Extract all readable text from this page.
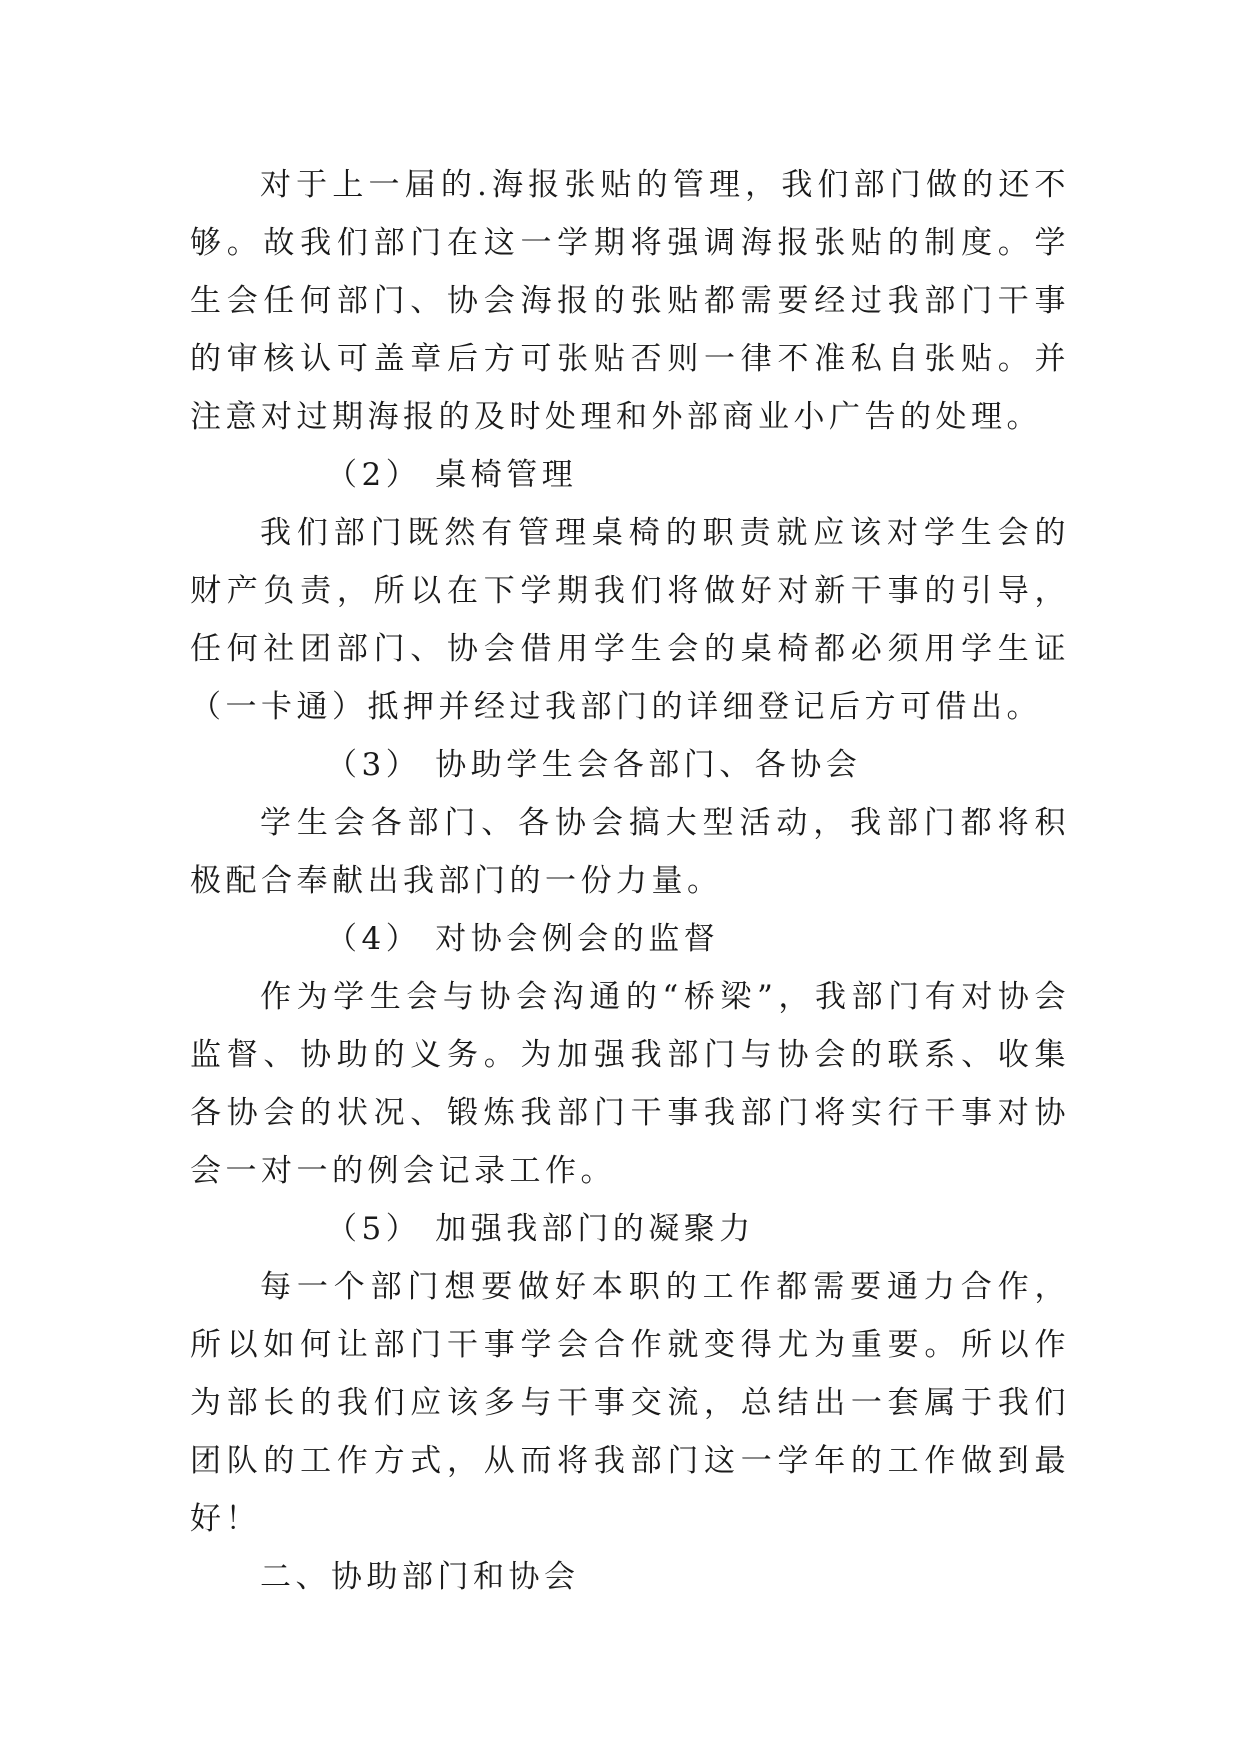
对于上一届的.海报张贴的管理，我们部门做的还不够。故我们部门在这一学期将强调海报张贴的制度。学生会任何部门、协会海报的张贴都需要经过我部门干事的审核认可盖章后方可张贴否则一律不准私自张贴。并注意对过期海报的及时处理和外部商业小广告的处理。

（2） 桌椅管理

我们部门既然有管理桌椅的职责就应该对学生会的财产负责，所以在下学期我们将做好对新干事的引导，任何社团部门、协会借用学生会的桌椅都必须用学生证（一卡通）抵押并经过我部门的详细登记后方可借出。

（3） 协助学生会各部门、各协会

学生会各部门、各协会搞大型活动，我部门都将积极配合奉献出我部门的一份力量。

（4） 对协会例会的监督

作为学生会与协会沟通的“桥梁”，我部门有对协会监督、协助的义务。为加强我部门与协会的联系、收集各协会的状况、锻炼我部门干事我部门将实行干事对协会一对一的例会记录工作。

（5） 加强我部门的凝聚力

每一个部门想要做好本职的工作都需要通力合作，所以如何让部门干事学会合作就变得尤为重要。所以作为部长的我们应该多与干事交流，总结出一套属于我们团队的工作方式，从而将我部门这一学年的工作做到最好！

二、协助部门和协会
